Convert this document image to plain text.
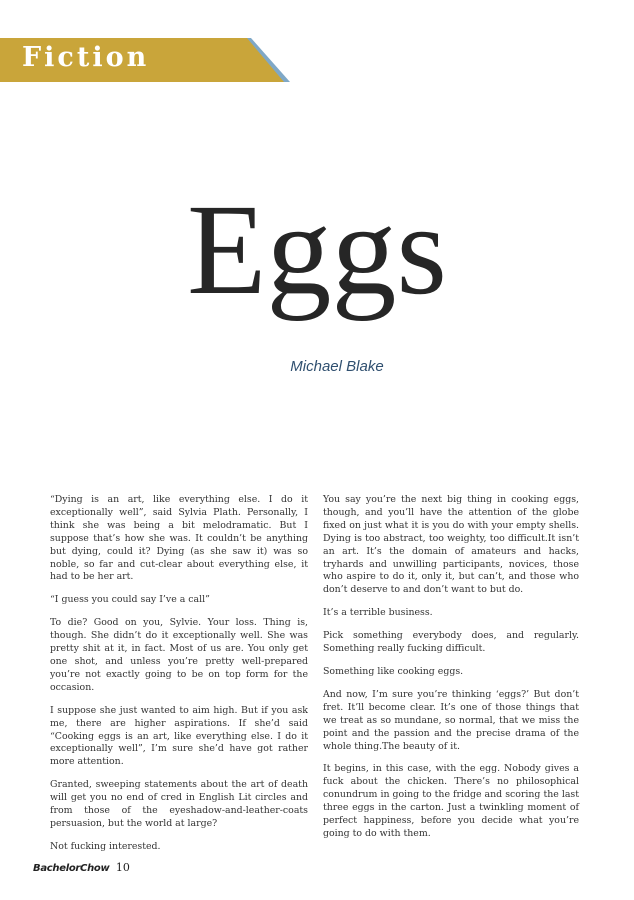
Fiction
Eggs
Michael Blake

“Dying is an art, like everything else. I do it exceptionally well”, said Sylvia Plath. Personally, I think she was being a bit melodramatic. But I suppose that’s how she was. It couldn’t be anything but dying, could it? Dying (as she saw it) was so noble, so far and cut-clear about everything else, it had to be her art.

“I guess you could say I’ve a call”

To die? Good on you, Sylvie. Your loss. Thing is, though. She didn’t do it exceptionally well. She was pretty shit at it, in fact. Most of us are. You only get one shot, and unless you’re pretty well-prepared you’re not exactly going to be on top form for the occasion.

I suppose she just wanted to aim high. But if you ask me, there are higher aspirations. If she’d said “Cooking eggs is an art, like everything else. I do it exceptionally well”, I’m sure she’d have got rather more attention.

Granted, sweeping statements about the art of death will get you no end of cred in English Lit circles and from those of the eyeshadow-and-leather-coats persuasion, but the world at large?

Not fucking interested.

You say you’re the next big thing in cooking eggs, though, and you’ll have the attention of the globe fixed on just what it is you do with your empty shells. Dying is too abstract, too weighty, too difficult.It isn’t an art. It’s the domain of amateurs and hacks, tryhards and unwilling participants, novices, those who aspire to do it, only it, but can’t, and those who don’t deserve to and don’t want to but do.

It’s a terrible business.

Pick something everybody does, and regularly. Something really fucking difficult.

Something like cooking eggs.

And now, I’m sure you’re thinking ‘eggs?’ But don’t fret. It’ll become clear. It’s one of those things that we treat as so mundane, so normal, that we miss the point and the passion and the precise drama of the whole thing.The beauty of it.

It begins, in this case, with the egg. Nobody gives a fuck about the chicken. There’s no philosophical conundrum in going to the fridge and scoring the last three eggs in the carton. Just a twinkling moment of perfect happiness, before you decide what you’re going to do with them.

BachelorChow 10
